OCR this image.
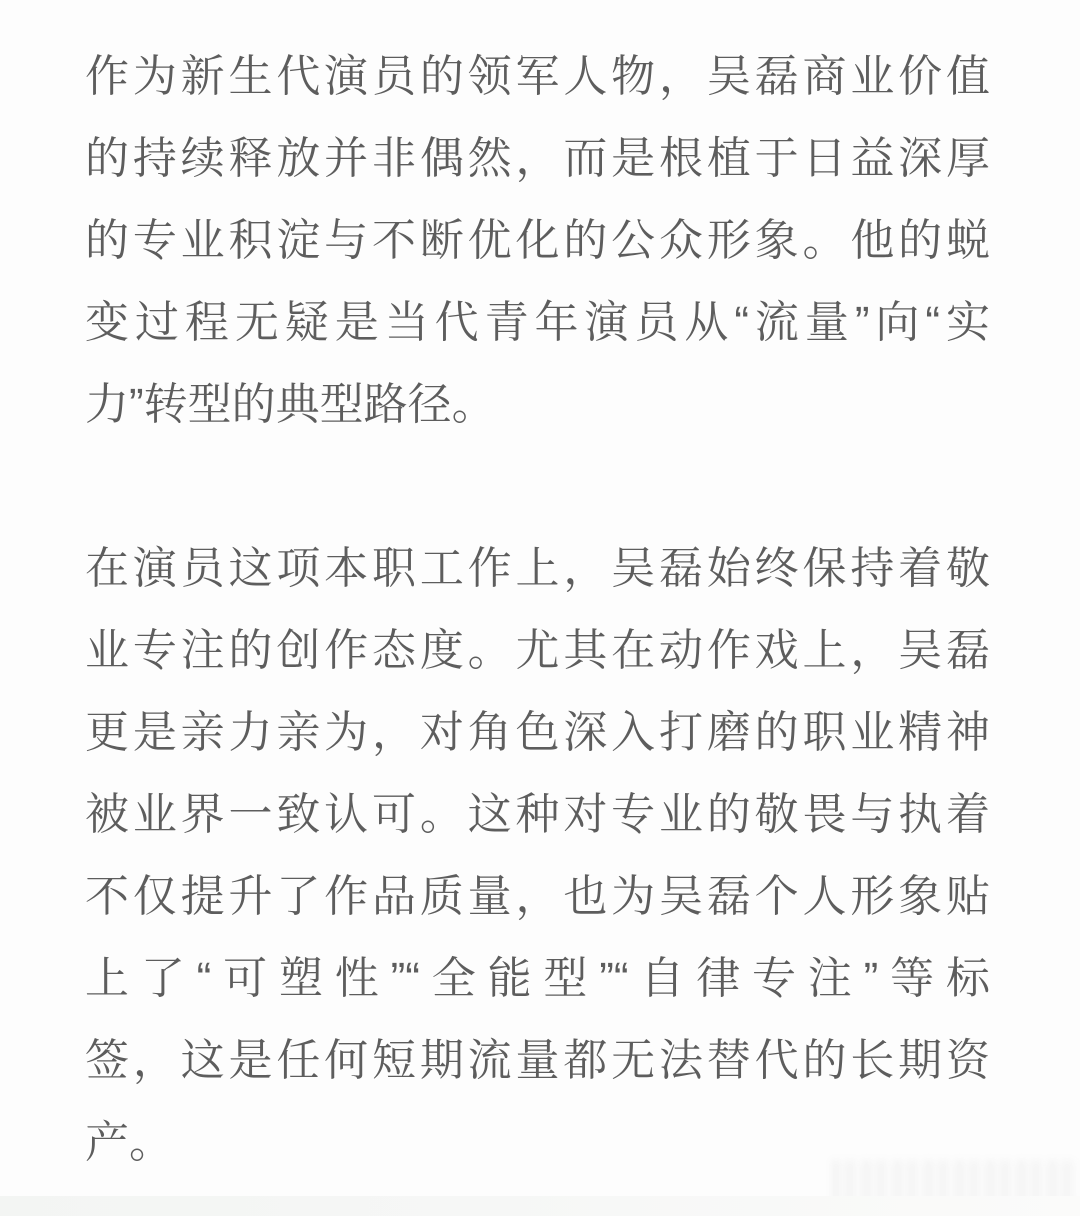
作为新生代演员的领军人物，吴磊商业价值
的持续释放并非偶然，而是根植于日益深厚
的专业积淀与不断优化的公众形象。他的蜕
变过程无疑是当代青年演员从“流量”向“实
力”转型的典型路径。
在演员这项本职工作上，吴磊始终保持着敬
业专注的创作态度。尤其在动作戏上，吴磊
更是亲力亲为，对角色深入打磨的职业精神
被业界一致认可。这种对专业的敬畏与执着
不仅提升了作品质量，也为吴磊个人形象贴
上了“可塑性”“全能型”“自律专注”等标
签，这是任何短期流量都无法替代的长期资
产。
